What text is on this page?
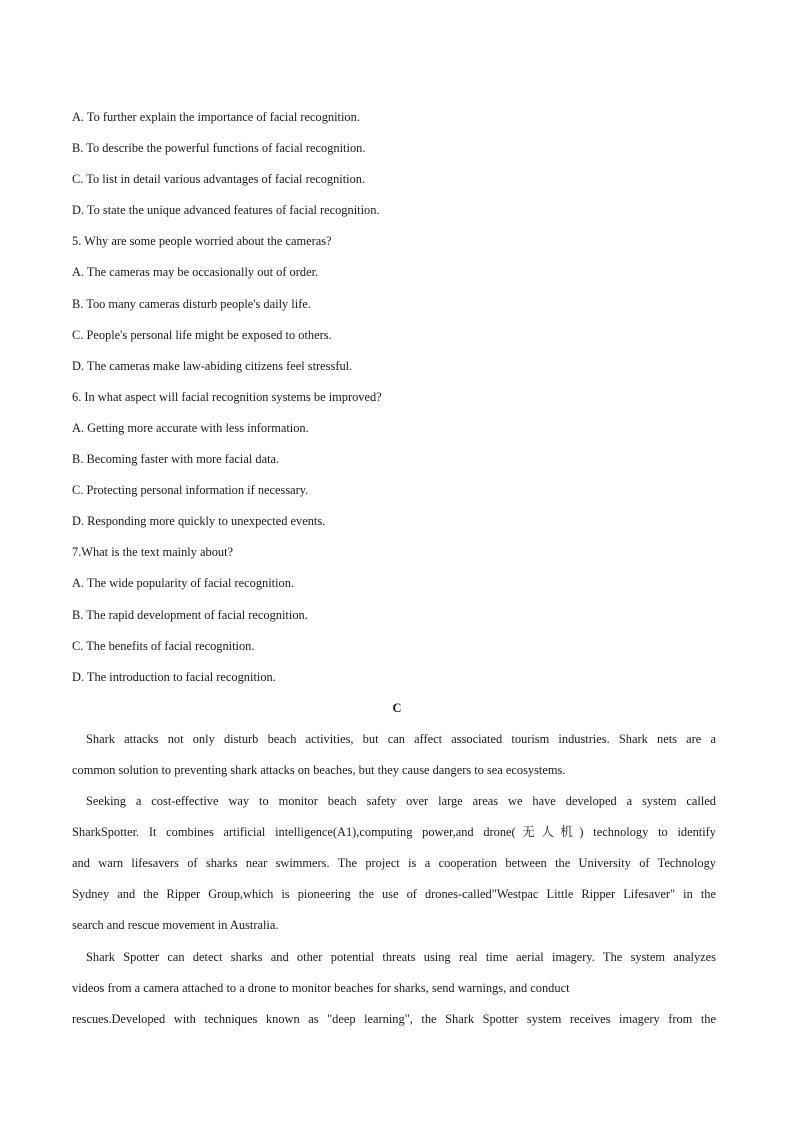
A. To further explain the importance of facial recognition.
B. To describe the powerful functions of facial recognition.
C. To list in detail various advantages of facial recognition.
D. To state the unique advanced features of facial recognition.
5. Why are some people worried about the cameras?
A. The cameras may be occasionally out of order.
B. Too many cameras disturb people's daily life.
C. People's personal life might be exposed to others.
D. The cameras make law-abiding citizens feel stressful.
6. In what aspect will facial recognition systems be improved?
A. Getting more accurate with less information.
B. Becoming faster with more facial data.
C. Protecting personal information if necessary.
D. Responding more quickly to unexpected events.
7.What is the text mainly about?
A. The wide popularity of facial recognition.
B. The rapid development of facial recognition.
C. The benefits of facial recognition.
D. The introduction to facial recognition.
C
Shark attacks not only disturb beach activities, but can affect associated tourism industries. Shark nets are a
common solution to preventing shark attacks on beaches, but they cause dangers to sea ecosystems.
Seeking a cost-effective way to monitor beach safety over large areas we have developed a system called
SharkSpotter. It combines artificial intelligence(A1),computing power,and drone(无人机) technology to identify
and warn lifesavers of sharks near swimmers. The project is a cooperation between the University of Technology
Sydney and the Ripper Group,which is pioneering the use of drones-called"Westpac Little Ripper Lifesaver" in the
search and rescue movement in Australia.
Shark Spotter can detect sharks and other potential threats using real time aerial imagery. The system analyzes
videos from a camera attached to a drone to monitor beaches for sharks, send warnings, and conduct
rescues.Developed with techniques known as "deep learning", the Shark Spotter system receives imagery from the
